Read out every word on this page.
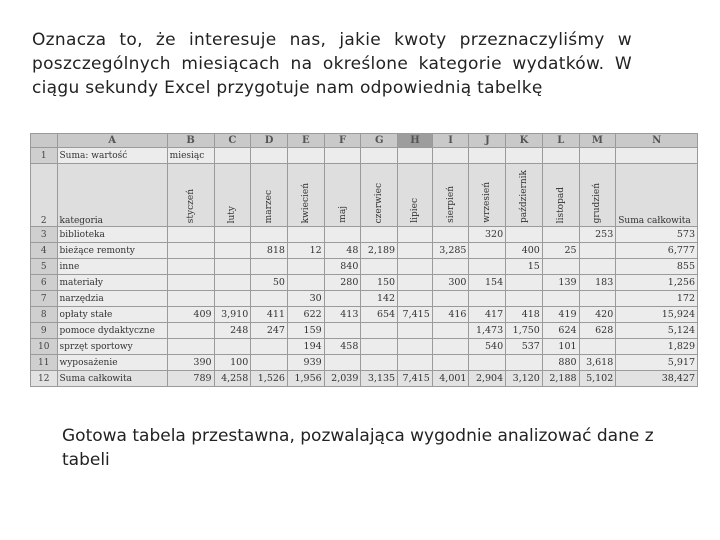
Oznacza to, że interesuje nas, jakie kwoty przeznaczyliśmy w poszczególnych miesiącach na określone kategorie wydatków. W ciągu sekundy Excel przygotuje nam odpowiednią tabelkę
	A	B	C	D	E	F	G	H	I	J	K	L	M	N
1	Suma: wartość	miesiąc												
2	kategoria	styczeń	luty	marzec	kwiecień	maj	czerwiec	lipiec	sierpień	wrzesień	październik	listopad	grudzień	Suma całkowita
3	biblioteka									320			253	573
4	bieżące remonty			818	12	48	2,189		3,285		400	25		6,777
5	inne					840					15			855
6	materiały			50		280	150		300	154		139	183	1,256
7	narzędzia				30		142							172
8	opłaty stałe	409	3,910	411	622	413	654	7,415	416	417	418	419	420	15,924
9	pomoce dydaktyczne		248	247	159					1,473	1,750	624	628	5,124
10	sprzęt sportowy				194	458				540	537	101		1,829
11	wyposażenie	390	100		939							880	3,618	5,917
12	Suma całkowita	789	4,258	1,526	1,956	2,039	3,135	7,415	4,001	2,904	3,120	2,188	5,102	38,427
Gotowa tabela przestawna, pozwalająca wygodnie analizować dane z tabeli
